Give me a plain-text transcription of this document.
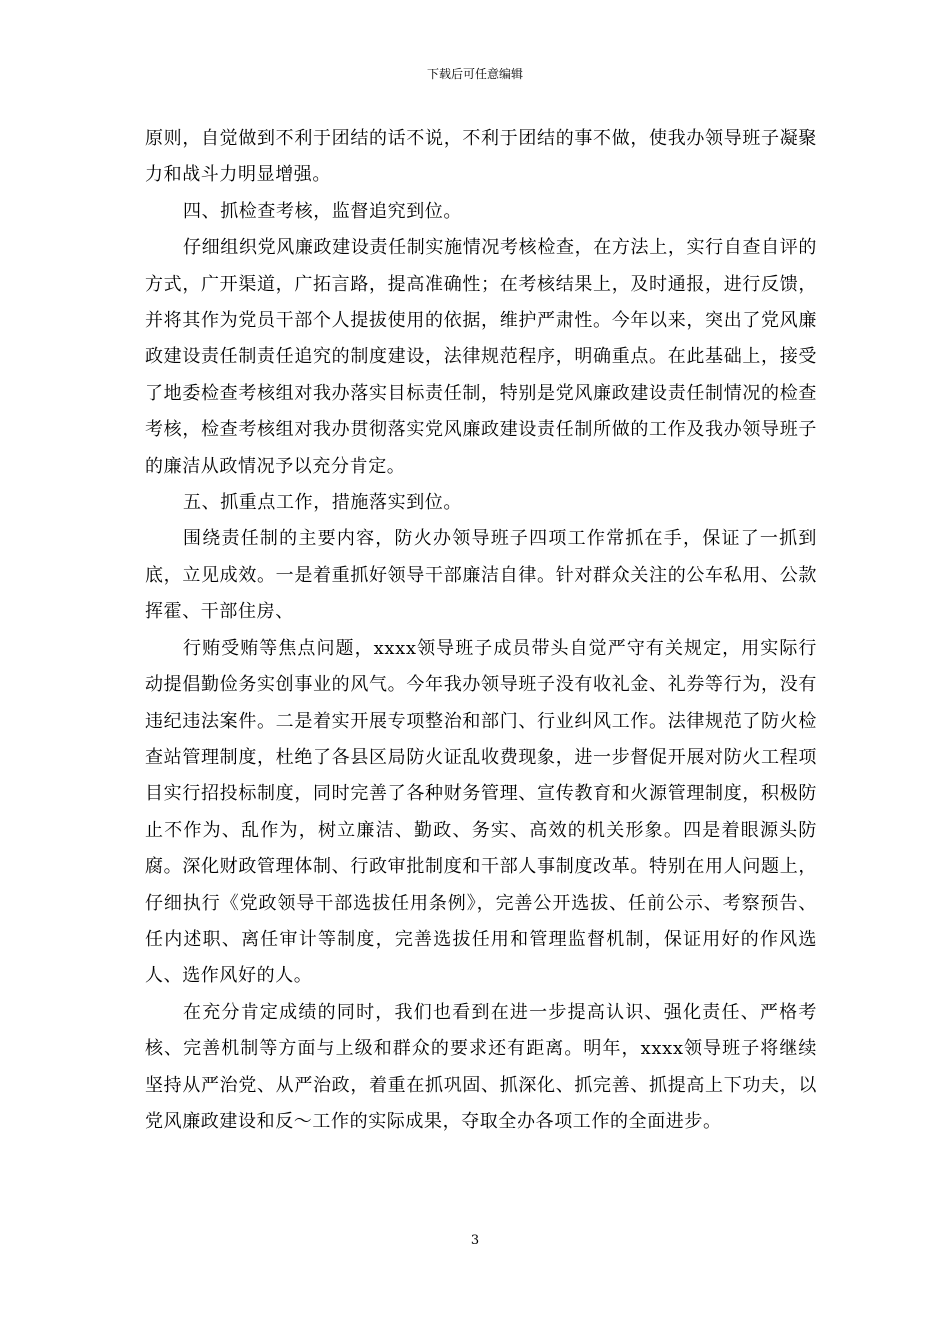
下载后可任意编辑

原则，自觉做到不利于团结的话不说，不利于团结的事不做，使我办领导班子凝聚力和战斗力明显增强。

四、抓检查考核，监督追究到位。

仔细组织党风廉政建设责任制实施情况考核检查，在方法上，实行自查自评的方式，广开渠道，广拓言路，提高准确性；在考核结果上，及时通报，进行反馈，并将其作为党员干部个人提拔使用的依据，维护严肃性。今年以来，突出了党风廉政建设责任制责任追究的制度建设，法律规范程序，明确重点。在此基础上，接受了地委检查考核组对我办落实目标责任制，特别是党风廉政建设责任制情况的检查考核，检查考核组对我办贯彻落实党风廉政建设责任制所做的工作及我办领导班子的廉洁从政情况予以充分肯定。

五、抓重点工作，措施落实到位。

围绕责任制的主要内容，防火办领导班子四项工作常抓在手，保证了一抓到底，立见成效。一是着重抓好领导干部廉洁自律。针对群众关注的公车私用、公款挥霍、干部住房、

行贿受贿等焦点问题，xxxx领导班子成员带头自觉严守有关规定，用实际行动提倡勤俭务实创事业的风气。今年我办领导班子没有收礼金、礼券等行为，没有违纪违法案件。二是着实开展专项整治和部门、行业纠风工作。法律规范了防火检查站管理制度，杜绝了各县区局防火证乱收费现象，进一步督促开展对防火工程项目实行招投标制度，同时完善了各种财务管理、宣传教育和火源管理制度，积极防止不作为、乱作为，树立廉洁、勤政、务实、高效的机关形象。四是着眼源头防腐。深化财政管理体制、行政审批制度和干部人事制度改革。特别在用人问题上，仔细执行《党政领导干部选拔任用条例》，完善公开选拔、任前公示、考察预告、任内述职、离任审计等制度，完善选拔任用和管理监督机制，保证用好的作风选人、选作风好的人。

在充分肯定成绩的同时，我们也看到在进一步提高认识、强化责任、严格考核、完善机制等方面与上级和群众的要求还有距离。明年，xxxx领导班子将继续坚持从严治党、从严治政，着重在抓巩固、抓深化、抓完善、抓提高上下功夫，以党风廉政建设和反～工作的实际成果，夺取全办各项工作的全面进步。

3
